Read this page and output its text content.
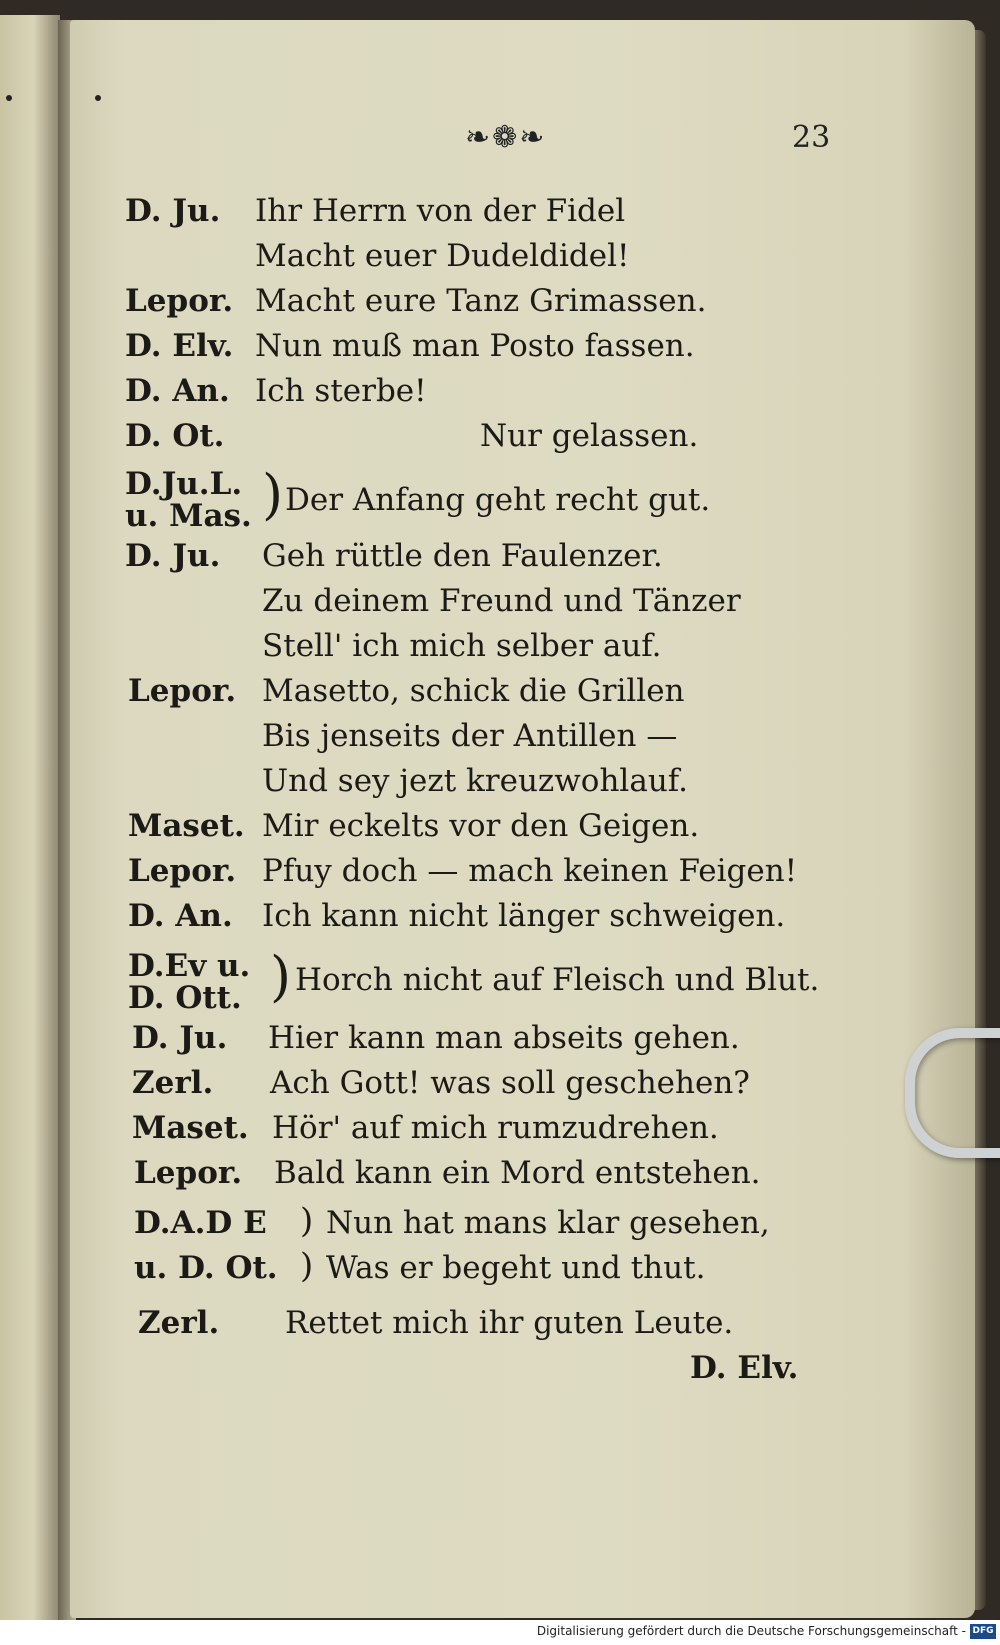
❧❁❧	23
D. Ju. Ihr Herrn von der Fidel
Macht euer Dudeldidel!
Lepor. Macht eure Tanz Grimassen.
D. Elv. Nun muß man Posto fassen.
D. An. Ich sterbe!
D. Ot.	Nur gelassen.
D.Ju.L.
u. Mas. ) Der Anfang geht recht gut.
D. Ju. Geh rüttle den Faulenzer.
Zu deinem Freund und Tänzer
Stell' ich mich selber auf.
Lepor. Masetto, schick die Grillen
Bis jenseits der Antillen —
Und sey jezt kreuzwohlauf.
Maset. Mir eckelts vor den Geigen.
Lepor. Pfuy doch — mach keinen Feigen!
D. An. Ich kann nicht länger schweigen.
D.Ev u.
D. Ott. ) Horch nicht auf Fleisch und Blut.
D. Ju. Hier kann man abseits gehen.
Zerl. Ach Gott! was soll geschehen?
Maset. Hör' auf mich rumzudrehen.
Lepor. Bald kann ein Mord entstehen.
D.A.D E ) Nun hat mans klar gesehen,
u. D. Ot. ) Was er begeht und thut.
Zerl. Rettet mich ihr guten Leute.
D. Elv.
Digitalisierung gefördert durch die Deutsche Forschungsgemeinschaft - DFG
